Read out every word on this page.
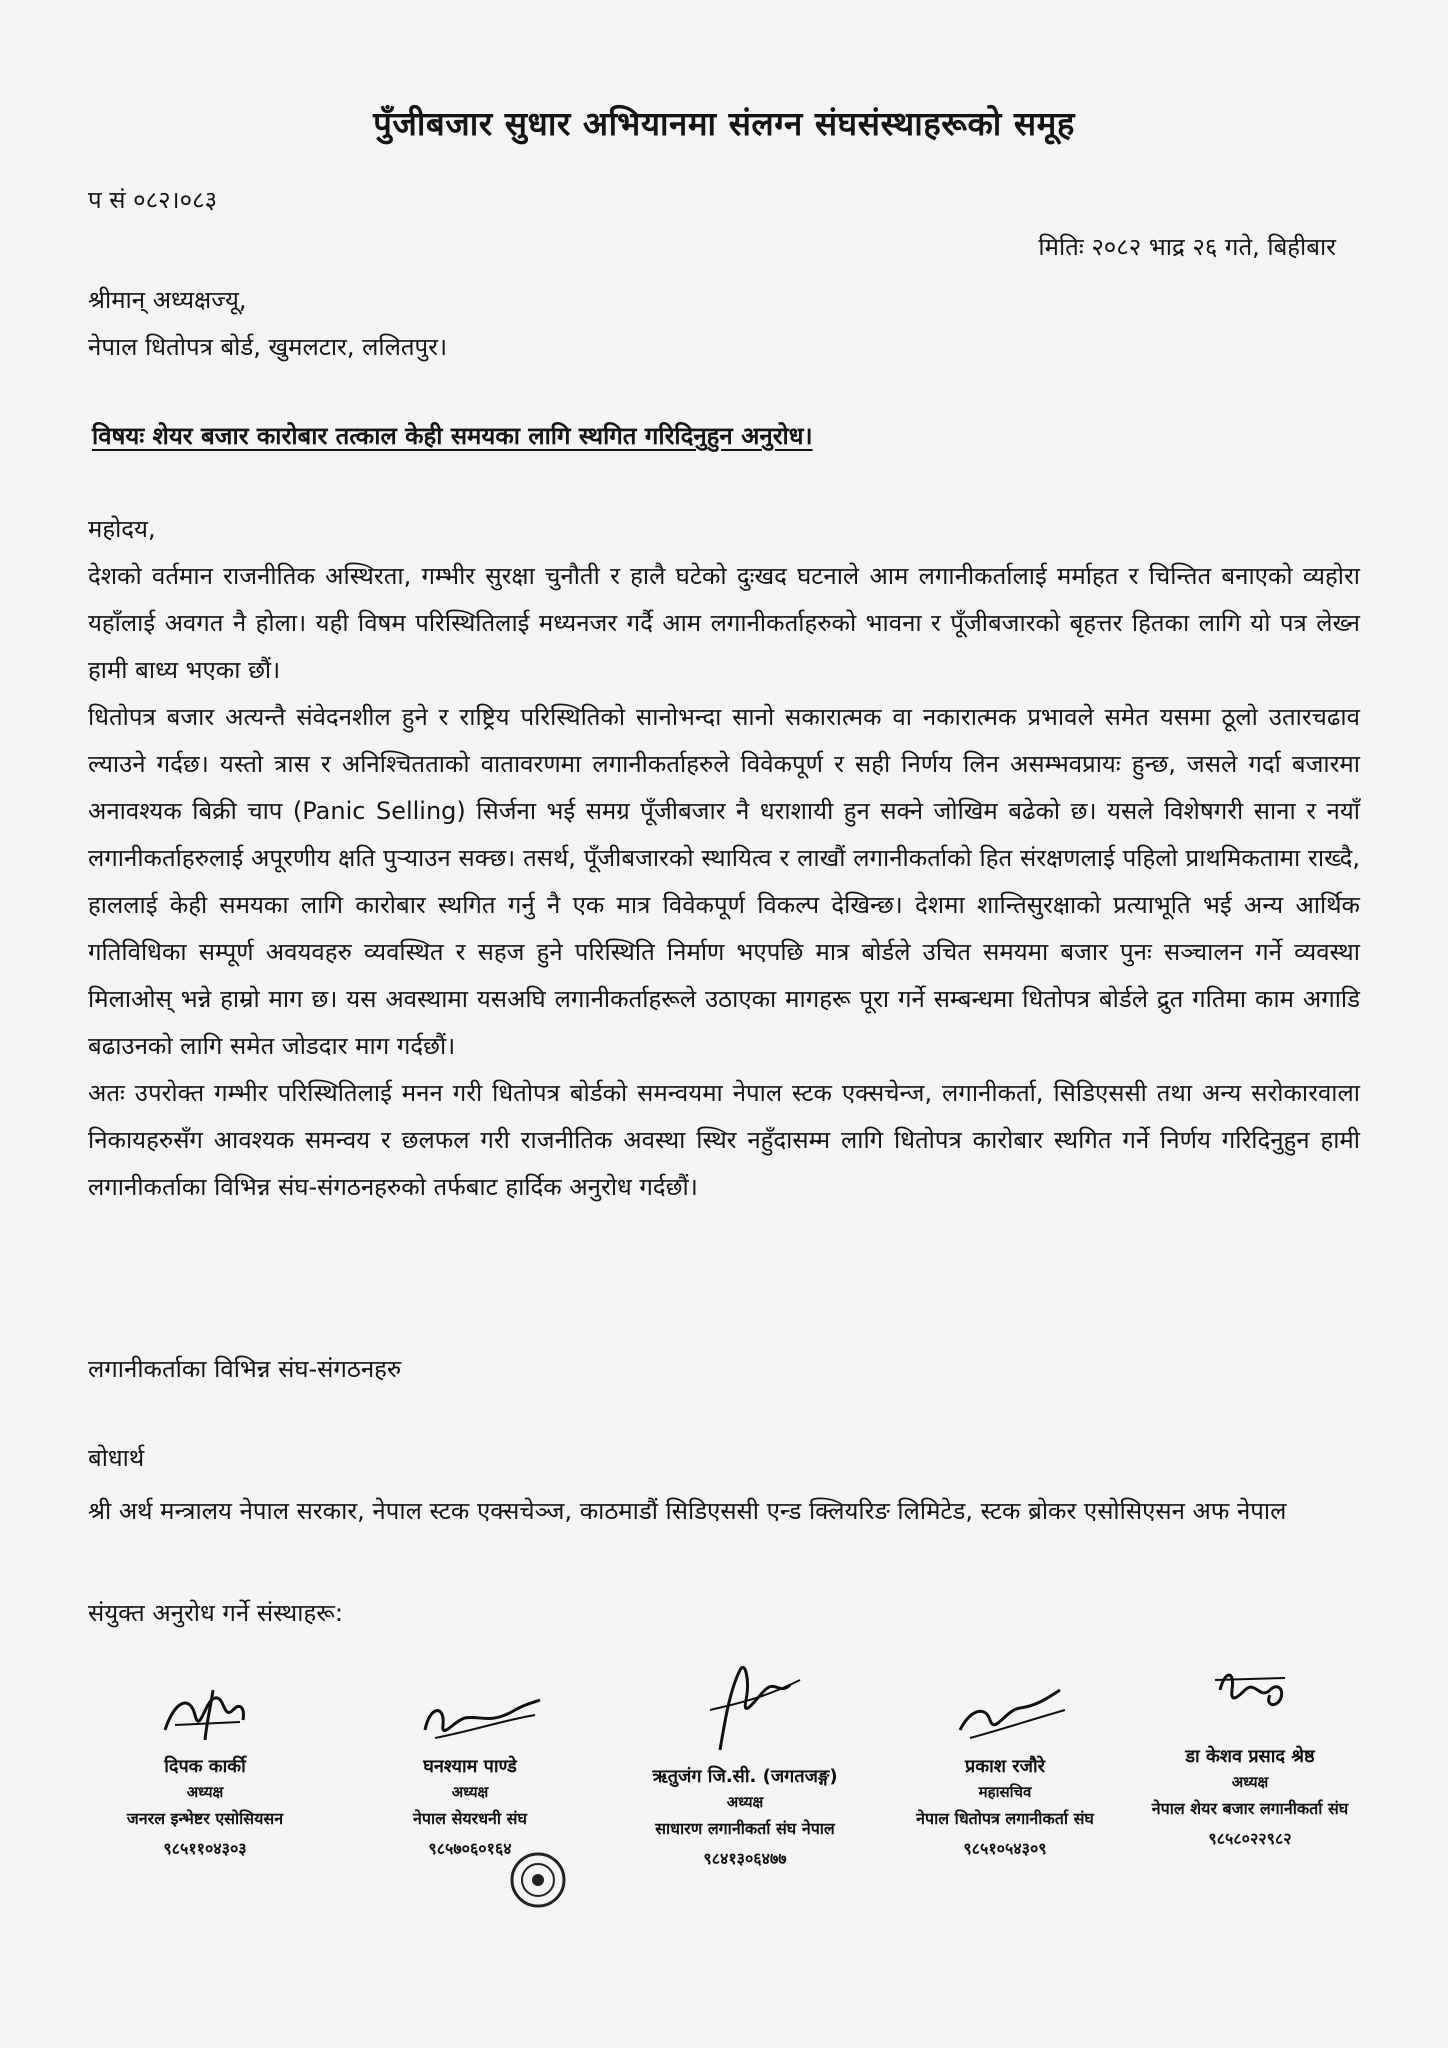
पुँजीबजार सुधार अभियानमा संलग्न संघसंस्थाहरूको समूह
प सं ०८२।०८३
मितिः २०८२ भाद्र २६ गते, बिहीबार
श्रीमान् अध्यक्षज्यू,
नेपाल धितोपत्र बोर्ड, खुमलटार, ललितपुर।
विषयः शेयर बजार कारोबार तत्काल केही समयका लागि स्थगित गरिदिनुहुन अनुरोध।
महोदय,

देशको वर्तमान राजनीतिक अस्थिरता, गम्भीर सुरक्षा चुनौती र हालै घटेको दुःखद घटनाले आम लगानीकर्तालाई मर्माहत र चिन्तित बनाएको व्यहोरा यहाँलाई अवगत नै होला। यही विषम परिस्थितिलाई मध्यनजर गर्दै आम लगानीकर्ताहरुको भावना र पूँजीबजारको बृहत्तर हितका लागि यो पत्र लेख्न हामी बाध्य भएका छौं।

धितोपत्र बजार अत्यन्तै संवेदनशील हुने र राष्ट्रिय परिस्थितिको सानोभन्दा सानो सकारात्मक वा नकारात्मक प्रभावले समेत यसमा ठूलो उतारचढाव ल्याउने गर्दछ। यस्तो त्रास र अनिश्चितताको वातावरणमा लगानीकर्ताहरुले विवेकपूर्ण र सही निर्णय लिन असम्भवप्रायः हुन्छ, जसले गर्दा बजारमा अनावश्यक बिक्री चाप (Panic Selling) सिर्जना भई समग्र पूँजीबजार नै धराशायी हुन सक्ने जोखिम बढेको छ। यसले विशेषगरी साना र नयाँ लगानीकर्ताहरुलाई अपूरणीय क्षति पुऱ्याउन सक्छ। तसर्थ, पूँजीबजारको स्थायित्व र लाखौं लगानीकर्ताको हित संरक्षणलाई पहिलो प्राथमिकतामा राख्दै, हाललाई केही समयका लागि कारोबार स्थगित गर्नु नै एक मात्र विवेकपूर्ण विकल्प देखिन्छ। देशमा शान्तिसुरक्षाको प्रत्याभूति भई अन्य आर्थिक गतिविधिका सम्पूर्ण अवयवहरु व्यवस्थित र सहज हुने परिस्थिति निर्माण भएपछि मात्र बोर्डले उचित समयमा बजार पुनः सञ्चालन गर्ने व्यवस्था मिलाओस् भन्ने हाम्रो माग छ। यस अवस्थामा यसअघि लगानीकर्ताहरूले उठाएका मागहरू पूरा गर्ने सम्बन्धमा धितोपत्र बोर्डले द्रुत गतिमा काम अगाडि बढाउनको लागि समेत जोडदार माग गर्दछौं।

अतः उपरोक्त गम्भीर परिस्थितिलाई मनन गरी धितोपत्र बोर्डको समन्वयमा नेपाल स्टक एक्सचेन्ज, लगानीकर्ता, सिडिएससी तथा अन्य सरोकारवाला निकायहरुसँग आवश्यक समन्वय र छलफल गरी राजनीतिक अवस्था स्थिर नहुँदासम्म लागि धितोपत्र कारोबार स्थगित गर्ने निर्णय गरिदिनुहुन हामी लगानीकर्ताका विभिन्न संघ-संगठनहरुको तर्फबाट हार्दिक अनुरोध गर्दछौं।

लगानीकर्ताका विभिन्न संघ-संगठनहरु
बोधार्थ
श्री अर्थ मन्त्रालय नेपाल सरकार, नेपाल स्टक एक्सचेञ्ज, काठमाडौं सिडिएससी एन्ड क्लियरिङ लिमिटेड, स्टक ब्रोकर एसोसिएसन अफ नेपाल
संयुक्त अनुरोध गर्ने संस्थाहरू:
दिपक कार्की
अध्यक्ष
जनरल इन्भेष्टर एसोसियसन
९८५११०४३०३
घनश्याम पाण्डे
अध्यक्ष
नेपाल सेयरधनी संघ
९८५७०६०१६४
ऋतुजंग जि.सी. (जगतजङ्ग)
अध्यक्ष
साधारण लगानीकर्ता संघ नेपाल
९८४१३०६४७७
प्रकाश रजौरे
महासचिव
नेपाल धितोपत्र लगानीकर्ता संघ
९८५१०५४३०९
डा केशव प्रसाद श्रेष्ठ
अध्यक्ष
नेपाल शेयर बजार लगानीकर्ता संघ
९८५८०२२९८२
